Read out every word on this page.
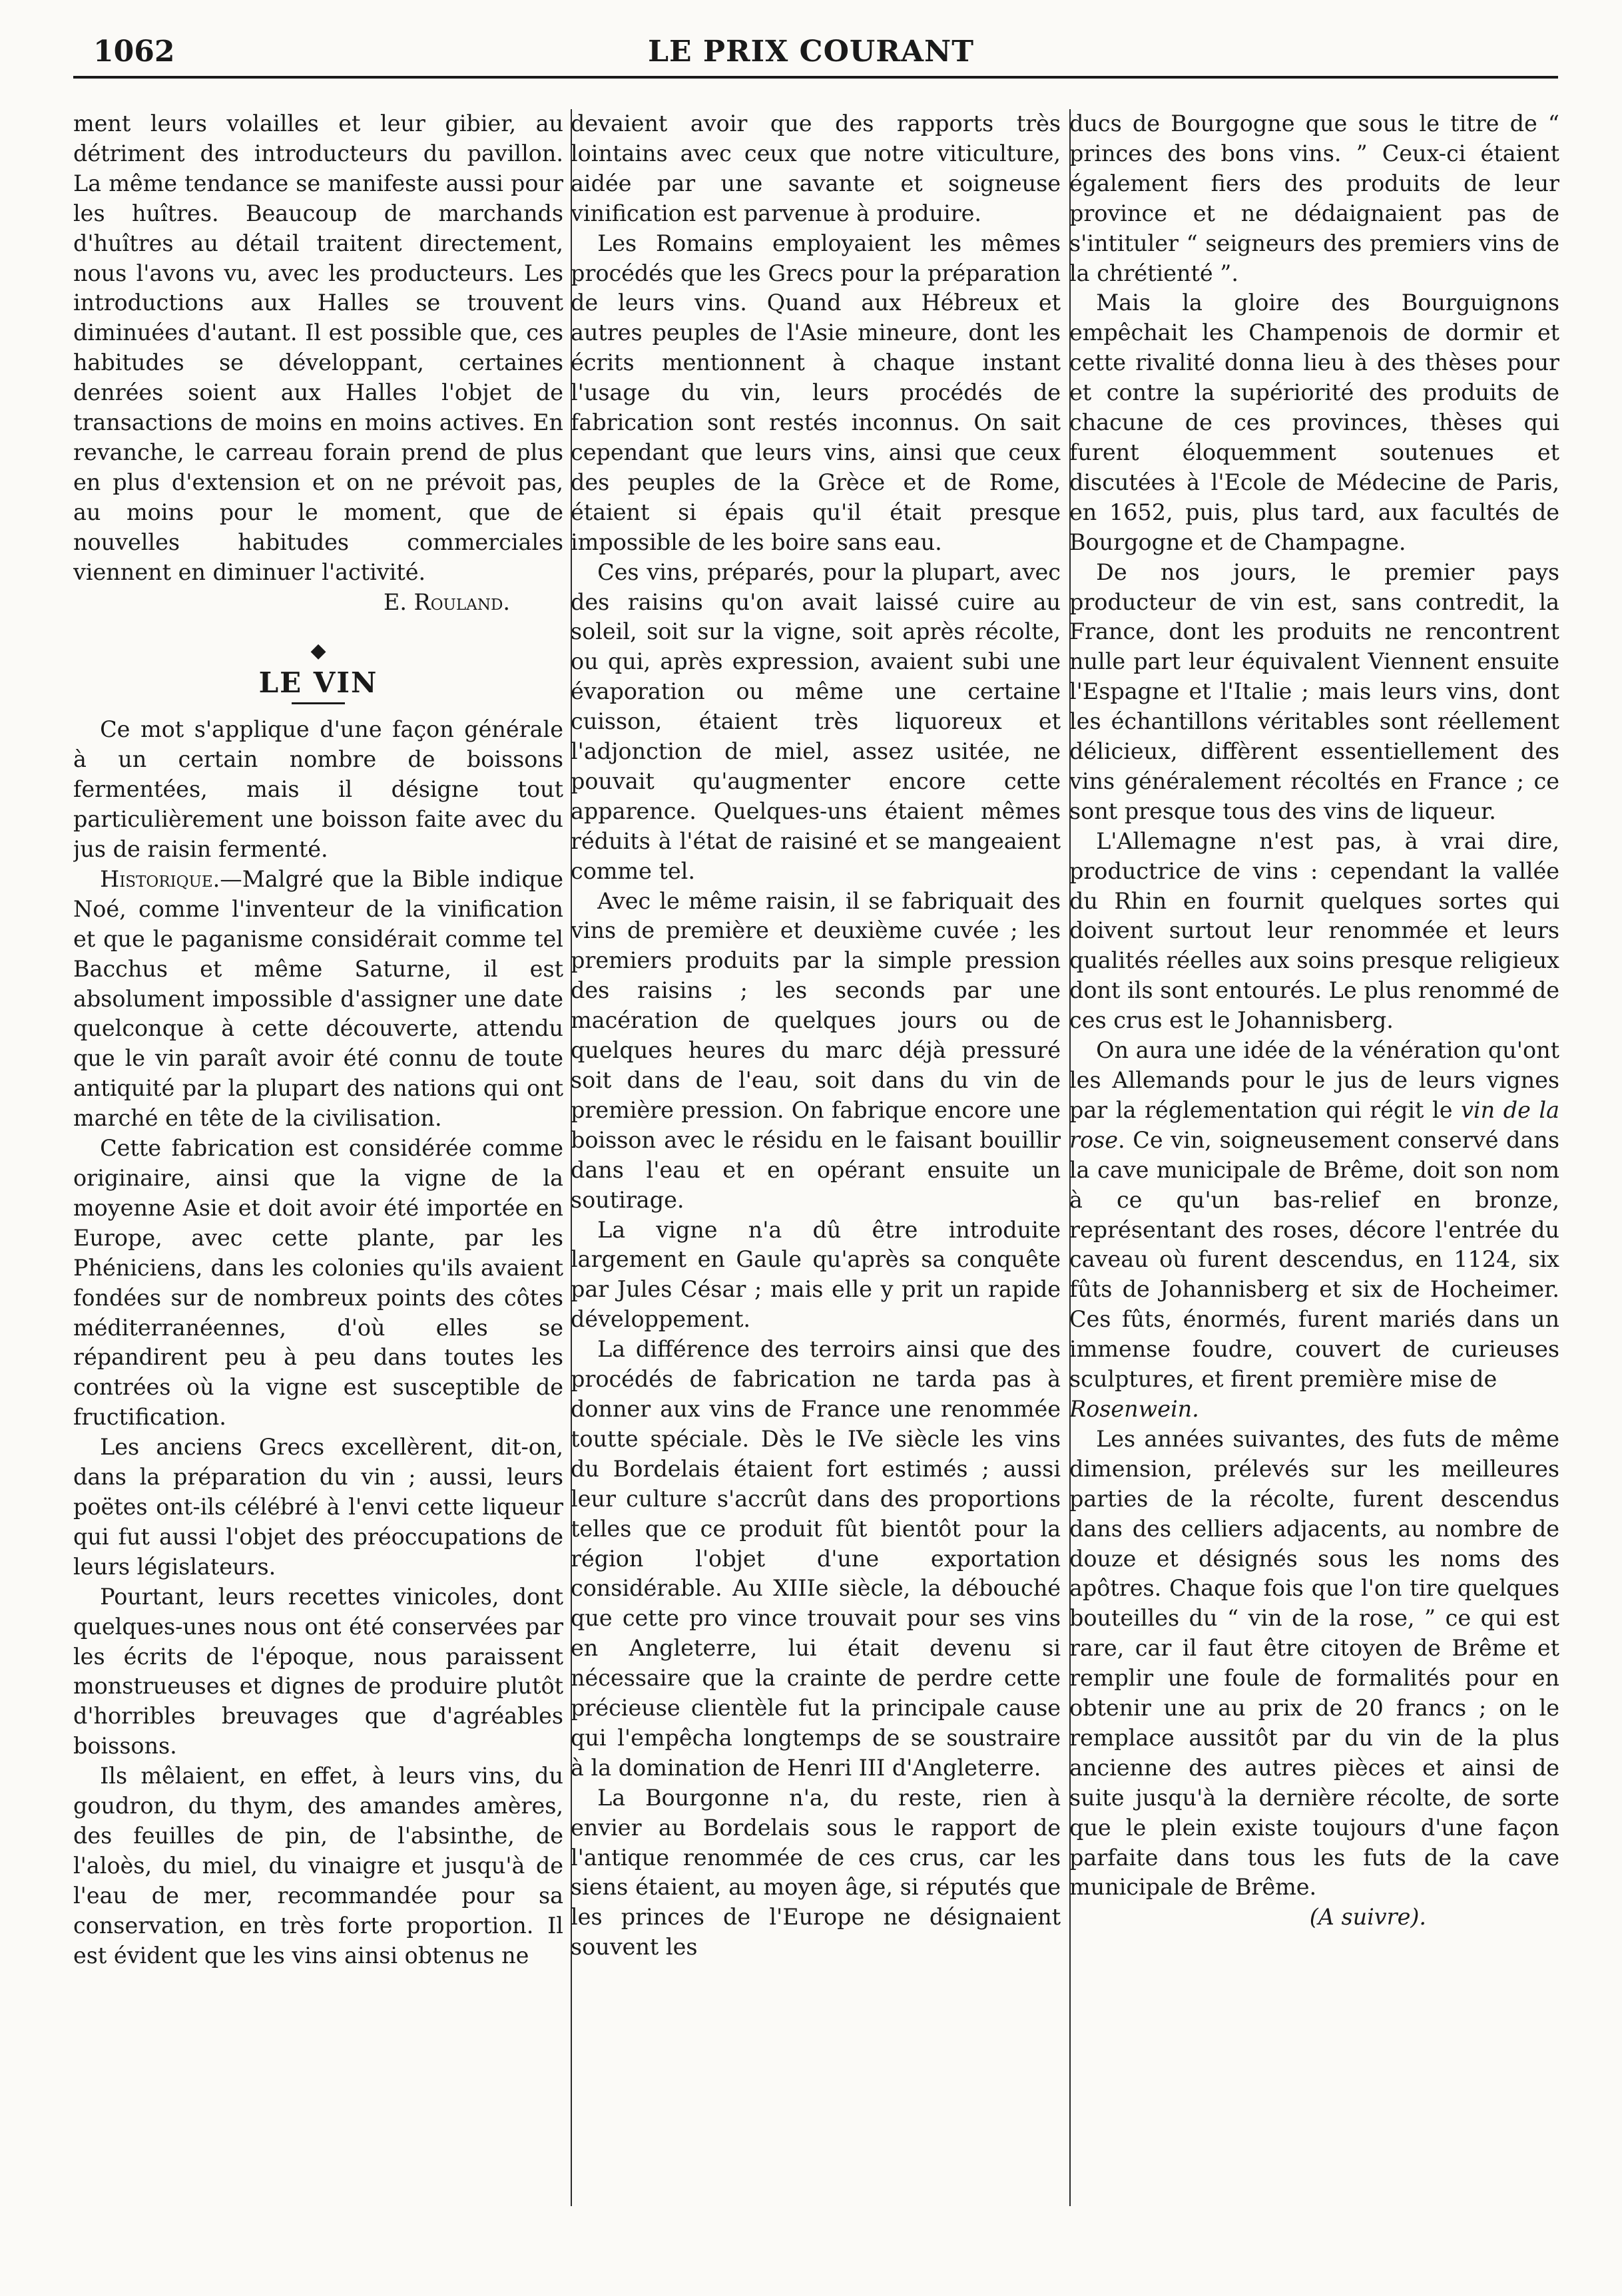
1062	LE PRIX COURANT

ment leurs volailles et leur gibier, au détriment des introducteurs du pavillon. La même tendance se manifeste aussi pour les huîtres. Beaucoup de marchands d'huîtres au détail traitent directement, nous l'avons vu, avec les producteurs. Les introductions aux Halles se trouvent diminuées d'autant. Il est possible que, ces habitudes se développant, certaines denrées soient aux Halles l'objet de transactions de moins en moins actives. En revanche, le carreau forain prend de plus en plus d'extension et on ne prévoit pas, au moins pour le moment, que de nouvelles habitudes commerciales viennent en diminuer l'activité.

E. Rouland.

◆
LE VIN

Ce mot s'applique d'une façon générale à un certain nombre de boissons fermentées, mais il désigne tout particulièrement une boisson faite avec du jus de raisin fermenté.

Historique.—Malgré que la Bible indique Noé, comme l'inventeur de la vinification et que le paganisme considérait comme tel Bacchus et même Saturne, il est absolument impossible d'assigner une date quelconque à cette découverte, attendu que le vin paraît avoir été connu de toute antiquité par la plupart des nations qui ont marché en tête de la civilisation.

Cette fabrication est considérée comme originaire, ainsi que la vigne de la moyenne Asie et doit avoir été importée en Europe, avec cette plante, par les Phéniciens, dans les colonies qu'ils avaient fondées sur de nombreux points des côtes méditerranéennes, d'où elles se répandirent peu à peu dans toutes les contrées où la vigne est susceptible de fructification.

Les anciens Grecs excellèrent, dit-on, dans la préparation du vin ; aussi, leurs poëtes ont-ils célébré à l'envi cette liqueur qui fut aussi l'objet des préoccupations de leurs législateurs.

Pourtant, leurs recettes vinicoles, dont quelques-unes nous ont été conservées par les écrits de l'époque, nous paraissent monstrueuses et dignes de produire plutôt d'horribles breuvages que d'agréables boissons.

Ils mêlaient, en effet, à leurs vins, du goudron, du thym, des amandes amères, des feuilles de pin, de l'absinthe, de l'aloès, du miel, du vinaigre et jusqu'à de l'eau de mer, recommandée pour sa conservation, en très forte proportion. Il est évident que les vins ainsi obtenus ne

devaient avoir que des rapports très lointains avec ceux que notre viticulture, aidée par une savante et soigneuse vinification est parvenue à produire.

Les Romains employaient les mêmes procédés que les Grecs pour la préparation de leurs vins. Quand aux Hébreux et autres peuples de l'Asie mineure, dont les écrits mentionnent à chaque instant l'usage du vin, leurs procédés de fabrication sont restés inconnus. On sait cependant que leurs vins, ainsi que ceux des peuples de la Grèce et de Rome, étaient si épais qu'il était presque impossible de les boire sans eau.

Ces vins, préparés, pour la plupart, avec des raisins qu'on avait laissé cuire au soleil, soit sur la vigne, soit après récolte, ou qui, après expression, avaient subi une évaporation ou même une certaine cuisson, étaient très liquoreux et l'adjonction de miel, assez usitée, ne pouvait qu'augmenter encore cette apparence. Quelques-uns étaient mêmes réduits à l'état de raisiné et se mangeaient comme tel.

Avec le même raisin, il se fabriquait des vins de première et deuxième cuvée ; les premiers produits par la simple pression des raisins ; les seconds par une macération de quelques jours ou de quelques heures du marc déjà pressuré soit dans de l'eau, soit dans du vin de première pression. On fabrique encore une boisson avec le résidu en le faisant bouillir dans l'eau et en opérant ensuite un soutirage.

La vigne n'a dû être introduite largement en Gaule qu'après sa conquête par Jules César ; mais elle y prit un rapide développement.

La différence des terroirs ainsi que des procédés de fabrication ne tarda pas à donner aux vins de France une renommée toutte spéciale. Dès le IVe siècle les vins du Bordelais étaient fort estimés ; aussi leur culture s'accrût dans des proportions telles que ce produit fût bientôt pour la région l'objet d'une exportation considérable. Au XIIIe siècle, la débouché que cette pro vince trouvait pour ses vins en Angleterre, lui était devenu si nécessaire que la crainte de perdre cette précieuse clientèle fut la principale cause qui l'empêcha longtemps de se soustraire à la domination de Henri III d'Angleterre.

La Bourgonne n'a, du reste, rien à envier au Bordelais sous le rapport de l'antique renommée de ces crus, car les siens étaient, au moyen âge, si réputés que les princes de l'Europe ne désignaient souvent les

ducs de Bourgogne que sous le titre de “ princes des bons vins. ” Ceux-ci étaient également fiers des produits de leur province et ne dédaignaient pas de s'intituler “ seigneurs des premiers vins de la chrétienté ”.

Mais la gloire des Bourguignons empêchait les Champenois de dormir et cette rivalité donna lieu à des thèses pour et contre la supériorité des produits de chacune de ces provinces, thèses qui furent éloquemment soutenues et discutées à l'Ecole de Médecine de Paris, en 1652, puis, plus tard, aux facultés de Bourgogne et de Champagne.

De nos jours, le premier pays producteur de vin est, sans contredit, la France, dont les produits ne rencontrent nulle part leur équivalent Viennent ensuite l'Espagne et l'Italie ; mais leurs vins, dont les échantillons véritables sont réellement délicieux, diffèrent essentiellement des vins généralement récoltés en France ; ce sont presque tous des vins de liqueur.

L'Allemagne n'est pas, à vrai dire, productrice de vins : cependant la vallée du Rhin en fournit quelques sortes qui doivent surtout leur renommée et leurs qualités réelles aux soins presque religieux dont ils sont entourés. Le plus renommé de ces crus est le Johannisberg.

On aura une idée de la vénération qu'ont les Allemands pour le jus de leurs vignes par la réglementation qui régit le vin de la rose. Ce vin, soigneusement conservé dans la cave municipale de Brême, doit son nom à ce qu'un bas-relief en bronze, représentant des roses, décore l'entrée du caveau où furent descendus, en 1124, six fûts de Johannisberg et six de Hocheimer. Ces fûts, énormés, furent mariés dans un immense foudre, couvert de curieuses sculptures, et firent première mise de
Rosenwein.

Les années suivantes, des futs de même dimension, prélevés sur les meilleures parties de la récolte, furent descendus dans des celliers adjacents, au nombre de douze et désignés sous les noms des apôtres. Chaque fois que l'on tire quelques bouteilles du “ vin de la rose, ” ce qui est rare, car il faut être citoyen de Brême et remplir une foule de formalités pour en obtenir une au prix de 20 francs ; on le remplace aussitôt par du vin de la plus ancienne des autres pièces et ainsi de suite jusqu'à la dernière récolte, de sorte que le plein existe toujours d'une façon parfaite dans tous les futs de la cave municipale de Brême.

(A suivre).
